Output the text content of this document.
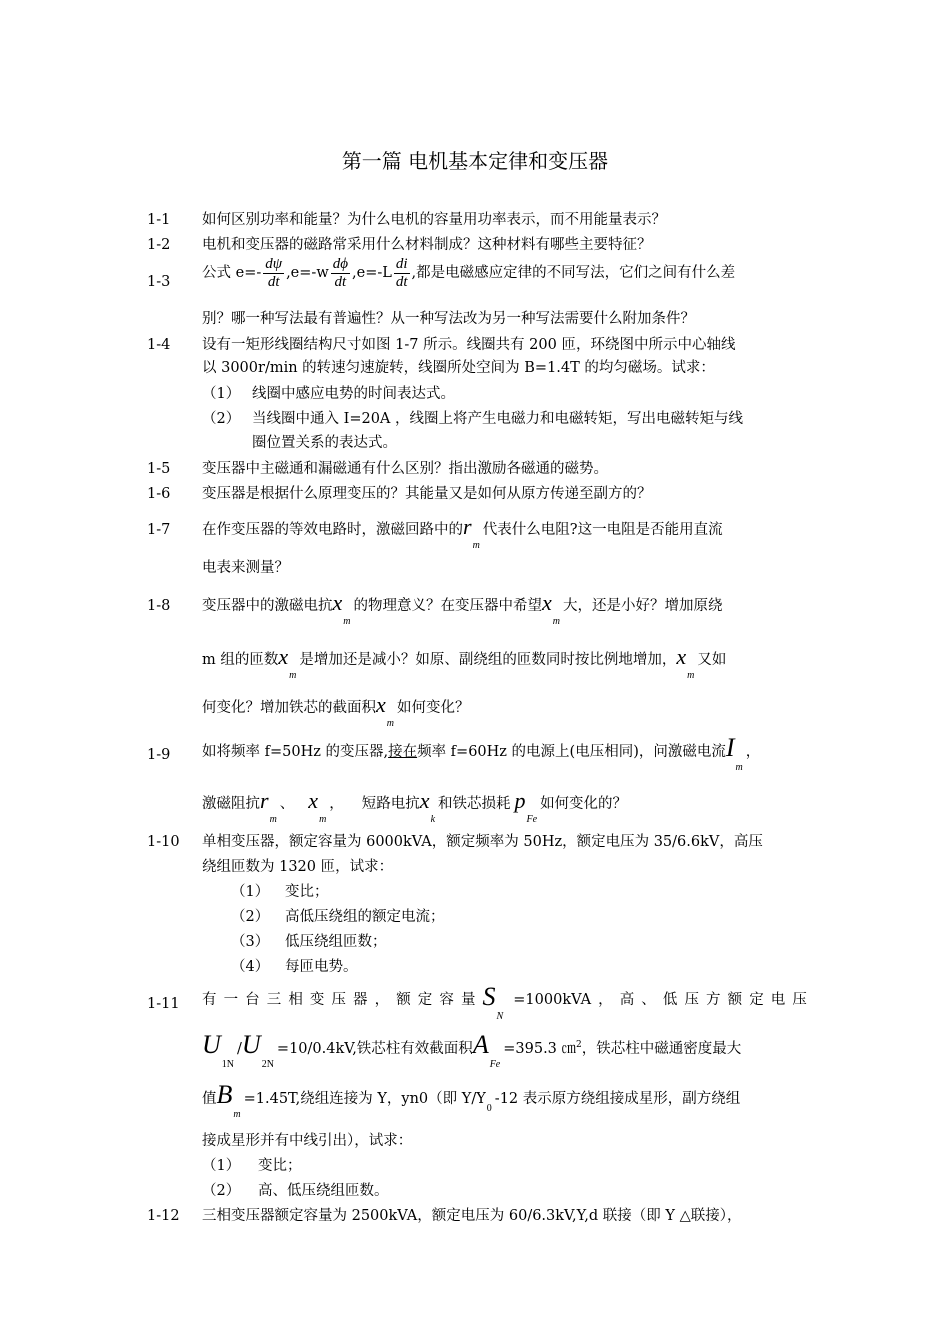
第一篇 电机基本定律和变压器
1-1 如何区别功率和能量？为什么电机的容量用功率表示，而不用能量表示？
1-2 电机和变压器的磁路常采用什么材料制成？这种材料有哪些主要特征？
1-3
公式 $e=- \frac{d\psi}{dt} ,e=-w \frac{d\phi}{dt} ,e=-L \frac{di}{dt}$ ,都是电磁感应定律的不同写法，它们之间有什么差
别？哪一种写法最有普遍性？从一种写法改为另一种写法需要什么附加条件？
1-4 设有一矩形线圈结构尺寸如图 1-7 所示。线圈共有 200 匝，环绕图中所示中心轴线
以 3000r/min 的转速匀速旋转，线圈所处空间为 B=1.4T 的均匀磁场。试求：
（1） 线圈中感应电势的时间表达式。
（2） 当线圈中通入 I=20A ，线圈上将产生电磁力和电磁转矩，写出电磁转矩与线
圈位置关系的表达式。
1-5 变压器中主磁通和漏磁通有什么区别？指出激励各磁通的磁势。
1-6 变压器是根据什么原理变压的？其能量又是如何从原方传递至副方的？
1-7 在作变压器的等效电路时，激磁回路中的$r_m$代表什么电阻?这一电阻是否能用直流
电表来测量？
1-8 变压器中的激磁电抗$x_m$的物理意义？在变压器中希望$x_m$大，还是小好？增加原绕
m 组的匝数$x_m$是增加还是减小？如原、副绕组的匝数同时按比例地增加，$x_m$又如
何变化？增加铁芯的截面积$x_m$如何变化？
1-9 如将频率 f=50Hz 的变压器,接在频率 f=60Hz 的电源上(电压相同)，问激磁电流$I_m$，
激磁阻抗$r_m$、 $x_m$， 短路电抗$x_k$和铁芯损耗 $p_{Fe}$如何变化的？
1-10 单相变压器，额定容量为 6000kVA，额定频率为 50Hz，额定电压为 35/6.6kV，高压
绕组匝数为 1320 匝，试求：
（1） 变比；
（2） 高低压绕组的额定电流；
（3） 低压绕组匝数；
（4） 每匝电势。
1-11 有 一 台 三 相 变 压 器 ， 额 定 容 量 $S_N$
=1000kVA ， 高 、 低 压 方 额 定 电 压
$U_{1N}/U_{2N}=10/0.4kV$,铁芯柱有效截面积$A_{Fe}=395.3$ ㎝$^2$，铁芯柱中磁通密度最大
值$B_m=1.45T$,绕组连接为 Y，yn0（即 $Y/Y_0-12$ 表示原方绕组接成星形，副方绕组
接成星形并有中线引出），试求：
（1） 变比；
（2） 高、低压绕组匝数。
1-12 三相变压器额定容量为 2500kVA，额定电压为 60/6.3kV,Y,d 联接（即 Y △联接），
